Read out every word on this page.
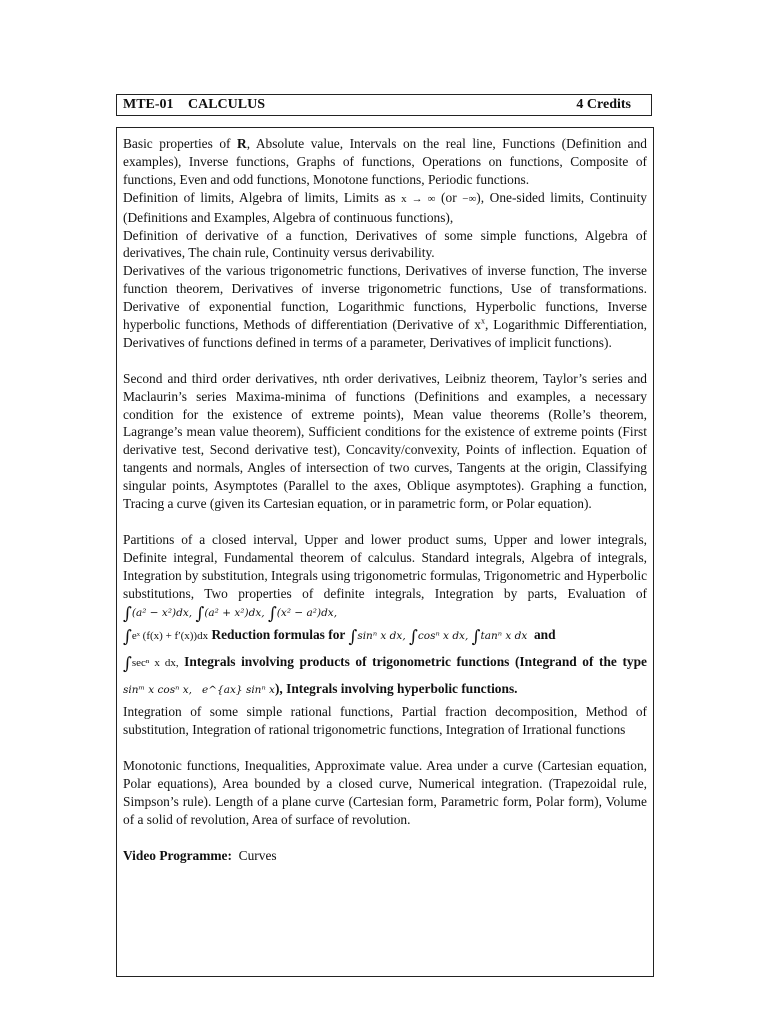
MTE-01 CALCULUS	4 Credits

Basic properties of R, Absolute value, Intervals on the real line, Functions (Definition and examples), Inverse functions, Graphs of functions, Operations on functions, Composite of functions, Even and odd functions, Monotone functions, Periodic functions.

Definition of limits, Algebra of limits, Limits as x → ∞ (or −∞), One-sided limits, Continuity (Definitions and Examples, Algebra of continuous functions),

Definition of derivative of a function, Derivatives of some simple functions, Algebra of derivatives, The chain rule, Continuity versus derivability.

Derivatives of the various trigonometric functions, Derivatives of inverse function, The inverse function theorem, Derivatives of inverse trigonometric functions, Use of transformations. Derivative of exponential function, Logarithmic functions, Hyperbolic functions, Inverse hyperbolic functions, Methods of differentiation (Derivative of $x^x$, Logarithmic Differentiation, Derivatives of functions defined in terms of a parameter, Derivatives of implicit functions).

Second and third order derivatives, nth order derivatives, Leibniz theorem, Taylor’s series and Maclaurin’s series Maxima-minima of functions (Definitions and examples, a necessary condition for the existence of extreme points), Mean value theorems (Rolle’s theorem, Lagrange’s mean value theorem), Sufficient conditions for the existence of extreme points (First derivative test, Second derivative test), Concavity/convexity, Points of inflection. Equation of tangents and normals, Angles of intersection of two curves, Tangents at the origin, Classifying singular points, Asymptotes (Parallel to the axes, Oblique asymptotes). Graphing a function, Tracing a curve (given its Cartesian equation, or in parametric form, or Polar equation).

Partitions of a closed interval, Upper and lower product sums, Upper and lower integrals, Definite integral, Fundamental theorem of calculus. Standard integrals, Algebra of integrals, Integration by substitution, Integrals using trigonometric formulas, Trigonometric and Hyperbolic substitutions, Two properties of definite integrals, Integration by parts, Evaluation of ∫(a² − x²)dx, ∫(a² + x²)dx, ∫(x² − a²)dx,

∫eˣ (f(x) + f′(x))dx Reduction formulas for ∫sinⁿ x dx, ∫cosⁿ x dx, ∫tanⁿ x dx and

∫secⁿ x dx, Integrals involving products of trigonometric functions (Integrand of the type sinᵐ x cosⁿ x, e^{ax} sinⁿ x), Integrals involving hyperbolic functions.

Integration of some simple rational functions, Partial fraction decomposition, Method of substitution, Integration of rational trigonometric functions, Integration of Irrational functions

Monotonic functions, Inequalities, Approximate value. Area under a curve (Cartesian equation, Polar equations), Area bounded by a closed curve, Numerical integration. (Trapezoidal rule, Simpson’s rule). Length of a plane curve (Cartesian form, Parametric form, Polar form), Volume of a solid of revolution, Area of surface of revolution.

Video Programme: Curves
